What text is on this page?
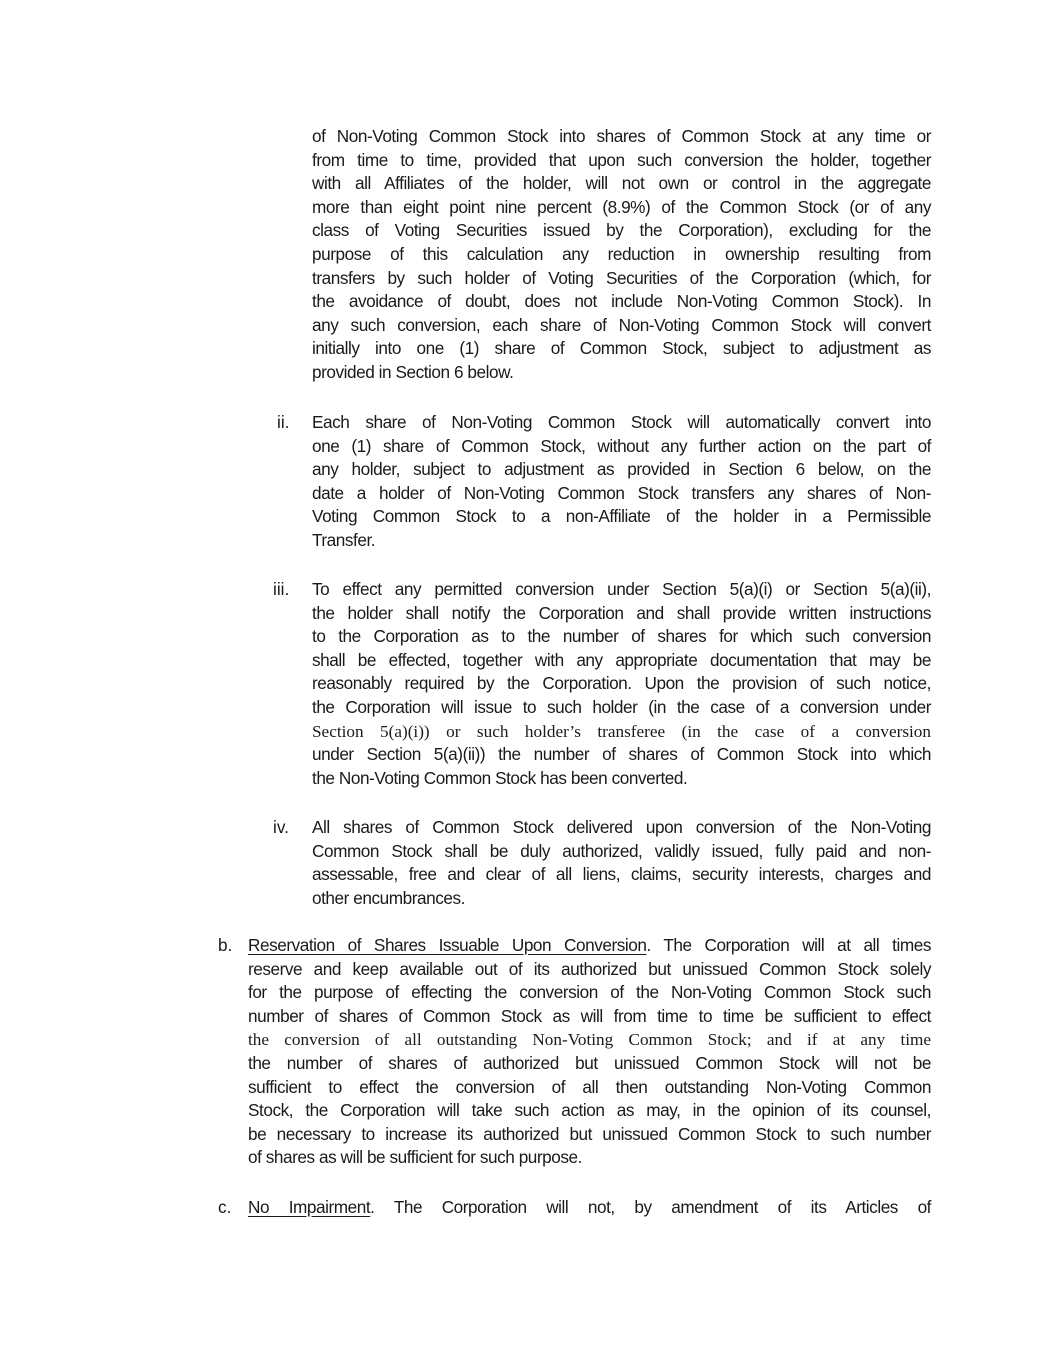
of Non-Voting Common Stock into shares of Common Stock at any time or
from time to time, provided that upon such conversion the holder, together
with all Affiliates of the holder, will not own or control in the aggregate
more than eight point nine percent (8.9%) of the Common Stock (or of any
class of Voting Securities issued by the Corporation), excluding for the
purpose of this calculation any reduction in ownership resulting from
transfers by such holder of Voting Securities of the Corporation (which, for
the avoidance of doubt, does not include Non-Voting Common Stock). In
any such conversion, each share of Non-Voting Common Stock will convert
initially into one (1) share of Common Stock, subject to adjustment as
provided in Section 6 below.
ii. Each share of Non-Voting Common Stock will automatically convert into
one (1) share of Common Stock, without any further action on the part of
any holder, subject to adjustment as provided in Section 6 below, on the
date a holder of Non-Voting Common Stock transfers any shares of Non-
Voting Common Stock to a non-Affiliate of the holder in a Permissible
Transfer.
iii. To effect any permitted conversion under Section 5(a)(i) or Section 5(a)(ii),
the holder shall notify the Corporation and shall provide written instructions
to the Corporation as to the number of shares for which such conversion
shall be effected, together with any appropriate documentation that may be
reasonably required by the Corporation. Upon the provision of such notice,
the Corporation will issue to such holder (in the case of a conversion under
Section 5(a)(i)) or such holder’s transferee (in the case of a conversion
under Section 5(a)(ii)) the number of shares of Common Stock into which
the Non-Voting Common Stock has been converted.
iv. All shares of Common Stock delivered upon conversion of the Non-Voting
Common Stock shall be duly authorized, validly issued, fully paid and non-
assessable, free and clear of all liens, claims, security interests, charges and
other encumbrances.
b. Reservation of Shares Issuable Upon Conversion. The Corporation will at all times
reserve and keep available out of its authorized but unissued Common Stock solely
for the purpose of effecting the conversion of the Non-Voting Common Stock such
number of shares of Common Stock as will from time to time be sufficient to effect
the conversion of all outstanding Non-Voting Common Stock; and if at any time
the number of shares of authorized but unissued Common Stock will not be
sufficient to effect the conversion of all then outstanding Non-Voting Common
Stock, the Corporation will take such action as may, in the opinion of its counsel,
be necessary to increase its authorized but unissued Common Stock to such number
of shares as will be sufficient for such purpose.
c. No Impairment. The Corporation will not, by amendment of its Articles of
